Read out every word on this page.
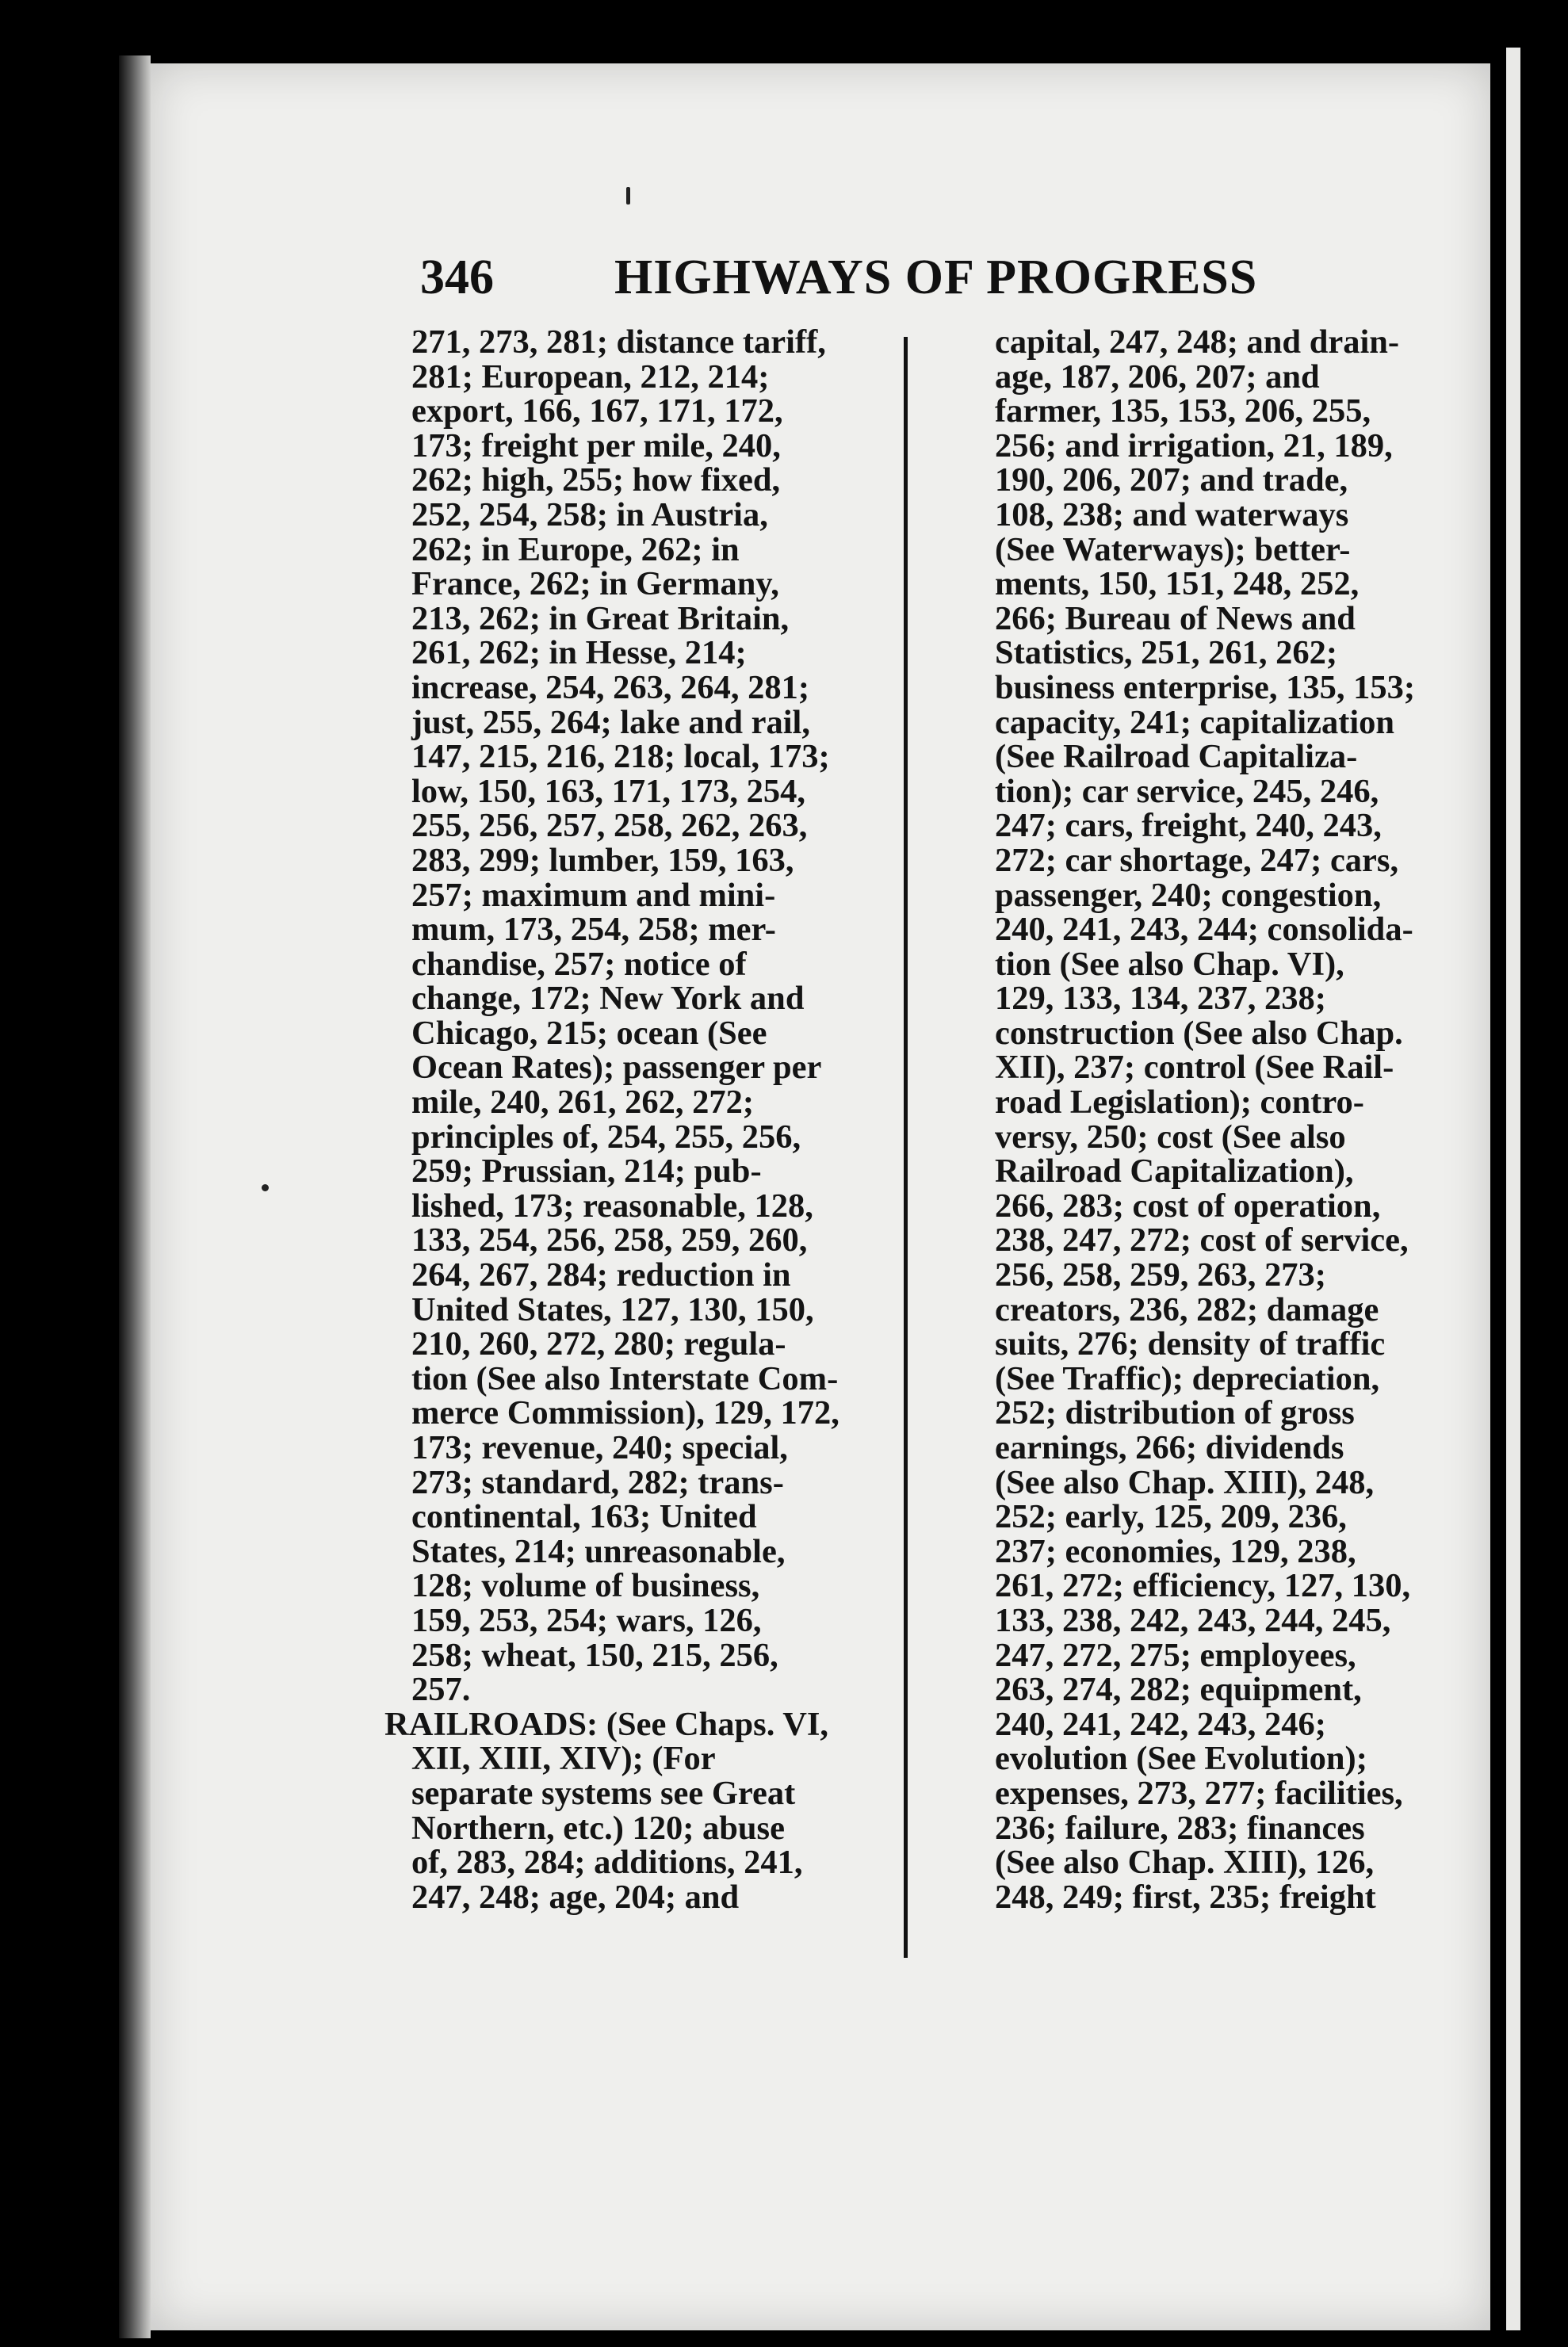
346 HIGHWAYS OF PROGRESS
271, 273, 281; distance tariff,
281; European, 212, 214;
export, 166, 167, 171, 172,
173; freight per mile, 240,
262; high, 255; how fixed,
252, 254, 258; in Austria,
262; in Europe, 262; in
France, 262; in Germany,
213, 262; in Great Britain,
261, 262; in Hesse, 214;
increase, 254, 263, 264, 281;
just, 255, 264; lake and rail,
147, 215, 216, 218; local, 173;
low, 150, 163, 171, 173, 254,
255, 256, 257, 258, 262, 263,
283, 299; lumber, 159, 163,
257; maximum and mini-
mum, 173, 254, 258; mer-
chandise, 257; notice of
change, 172; New York and
Chicago, 215; ocean (See
Ocean Rates); passenger per
mile, 240, 261, 262, 272;
principles of, 254, 255, 256,
259; Prussian, 214; pub-
lished, 173; reasonable, 128,
133, 254, 256, 258, 259, 260,
264, 267, 284; reduction in
United States, 127, 130, 150,
210, 260, 272, 280; regula-
tion (See also Interstate Com-
merce Commission), 129, 172,
173; revenue, 240; special,
273; standard, 282; trans-
continental, 163; United
States, 214; unreasonable,
128; volume of business,
159, 253, 254; wars, 126,
258; wheat, 150, 215, 256,
257.
RAILROADS: (See Chaps. VI,
XII, XIII, XIV); (For
separate systems see Great
Northern, etc.) 120; abuse
of, 283, 284; additions, 241,
247, 248; age, 204; and
capital, 247, 248; and drain-
age, 187, 206, 207; and
farmer, 135, 153, 206, 255,
256; and irrigation, 21, 189,
190, 206, 207; and trade,
108, 238; and waterways
(See Waterways); better-
ments, 150, 151, 248, 252,
266; Bureau of News and
Statistics, 251, 261, 262;
business enterprise, 135, 153;
capacity, 241; capitalization
(See Railroad Capitaliza-
tion); car service, 245, 246,
247; cars, freight, 240, 243,
272; car shortage, 247; cars,
passenger, 240; congestion,
240, 241, 243, 244; consolida-
tion (See also Chap. VI),
129, 133, 134, 237, 238;
construction (See also Chap.
XII), 237; control (See Rail-
road Legislation); contro-
versy, 250; cost (See also
Railroad Capitalization),
266, 283; cost of operation,
238, 247, 272; cost of service,
256, 258, 259, 263, 273;
creators, 236, 282; damage
suits, 276; density of traffic
(See Traffic); depreciation,
252; distribution of gross
earnings, 266; dividends
(See also Chap. XIII), 248,
252; early, 125, 209, 236,
237; economies, 129, 238,
261, 272; efficiency, 127, 130,
133, 238, 242, 243, 244, 245,
247, 272, 275; employees,
263, 274, 282; equipment,
240, 241, 242, 243, 246;
evolution (See Evolution);
expenses, 273, 277; facilities,
236; failure, 283; finances
(See also Chap. XIII), 126,
248, 249; first, 235; freight
